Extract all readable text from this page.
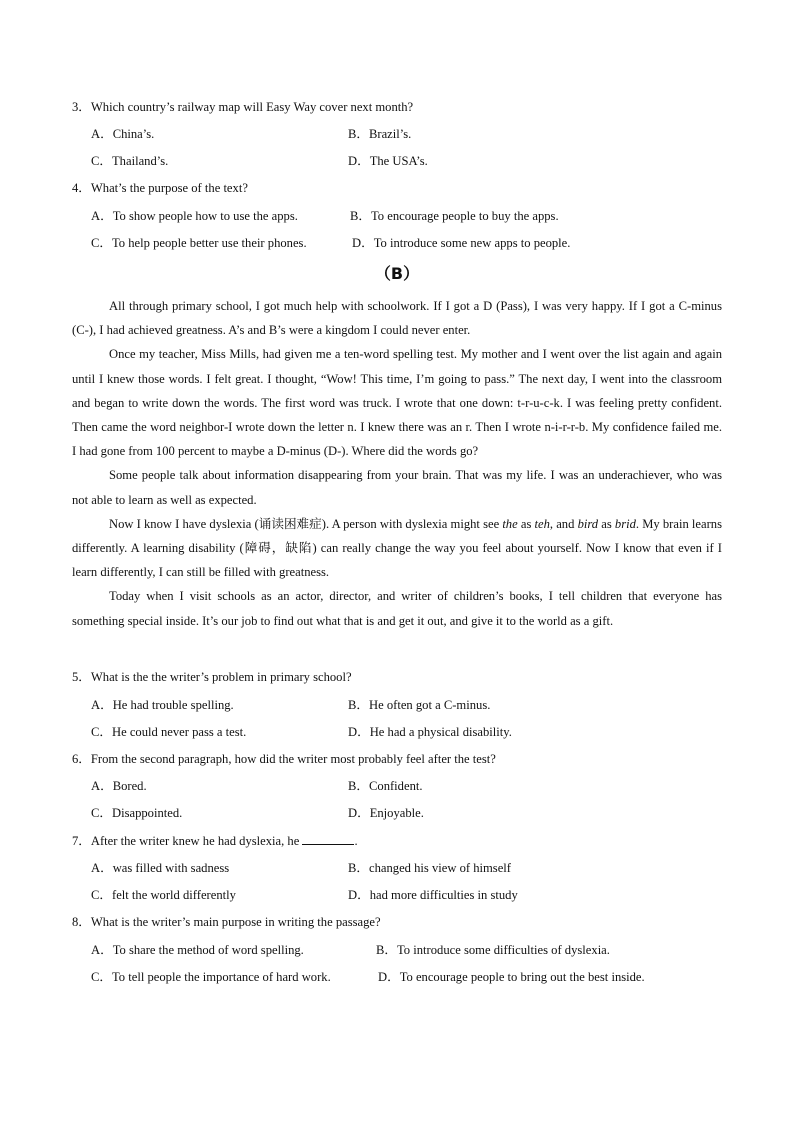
3．Which country’s railway map will Easy Way cover next month?
A．China’s.	B．Brazil’s.
C．Thailand’s.	D．The USA’s.
4．What’s the purpose of the text?
A．To show people how to use the apps.	B．To encourage people to buy the apps.
C．To help people better use their phones.	D．To introduce some new apps to people.
（B）

All through primary school, I got much help with schoolwork. If I got a D (Pass), I was very happy. If I got a C-minus (C-), I had achieved greatness. A’s and B’s were a kingdom I could never enter.

Once my teacher, Miss Mills, had given me a ten-word spelling test. My mother and I went over the list again and again until I knew those words. I felt great. I thought, “Wow! This time, I’m going to pass.” The next day, I went into the classroom and began to write down the words. The first word was truck. I wrote that one down: t-r-u-c-k. I was feeling pretty confident. Then came the word neighbor-I wrote down the letter n. I knew there was an r. Then I wrote n-i-r-r-b. My confidence failed me. I had gone from 100 percent to maybe a D-minus (D-). Where did the words go?

Some people talk about information disappearing from your brain. That was my life. I was an underachiever, who was not able to learn as well as expected.

Now I know I have dyslexia (诵读困难症). A person with dyslexia might see the as teh, and bird as brid. My brain learns differently. A learning disability (障碍，缺陷) can really change the way you feel about yourself. Now I know that even if I learn differently, I can still be filled with greatness.

Today when I visit schools as an actor, director, and writer of children’s books, I tell children that everyone has something special inside. It’s our job to find out what that is and get it out, and give it to the world as a gift.

5．What is the the writer’s problem in primary school?
A．He had trouble spelling.	B．He often got a C-minus.
C．He could never pass a test.	D．He had a physical disability.
6．From the second paragraph, how did the writer most probably feel after the test?
A．Bored.	B．Confident.
C．Disappointed.	D．Enjoyable.
7．After the writer knew he had dyslexia, he	.
A．was filled with sadness	B．changed his view of himself
C．felt the world differently	D．had more difficulties in study
8．What is the writer’s main purpose in writing the passage?
A．To share the method of word spelling.	B．To introduce some difficulties of dyslexia.
C．To tell people the importance of hard work.	D．To encourage people to bring out the best inside.
